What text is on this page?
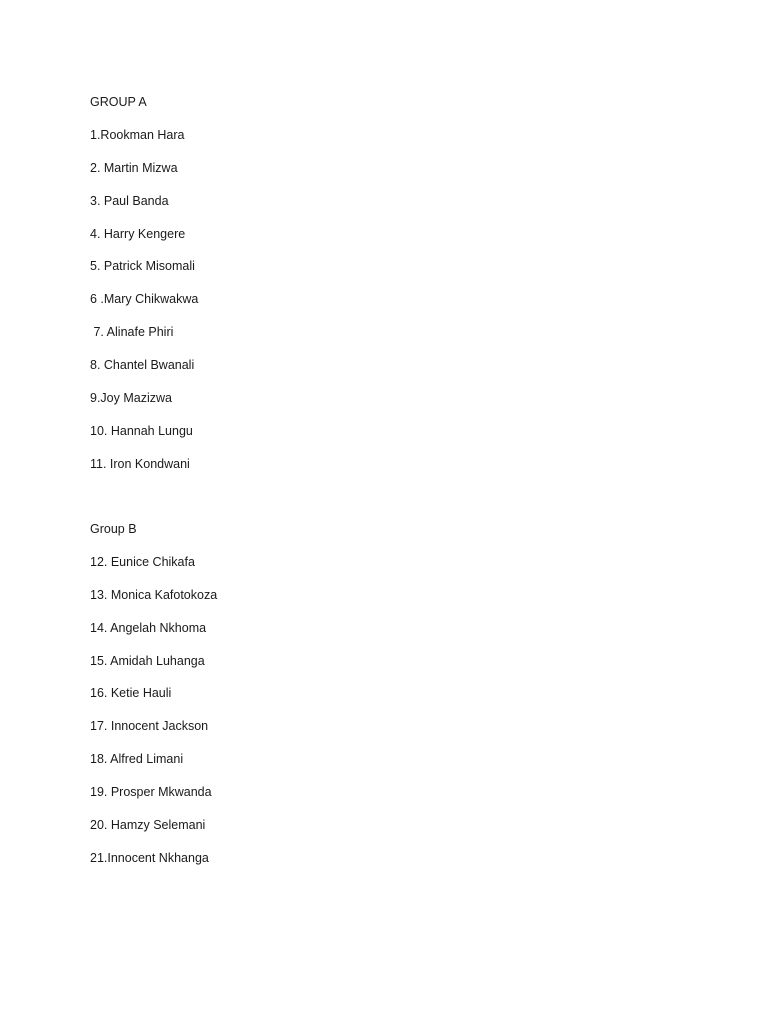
GROUP A
1.Rookman Hara
2. Martin Mizwa
3. Paul Banda
4. Harry Kengere
5. Patrick Misomali
6 .Mary Chikwakwa
7. Alinafe Phiri
8. Chantel Bwanali
9.Joy Mazizwa
10. Hannah Lungu
11. Iron Kondwani
Group B
12. Eunice Chikafa
13. Monica Kafotokoza
14. Angelah Nkhoma
15. Amidah Luhanga
16. Ketie Hauli
17. Innocent Jackson
18. Alfred Limani
19. Prosper Mkwanda
20. Hamzy Selemani
21.Innocent Nkhanga
